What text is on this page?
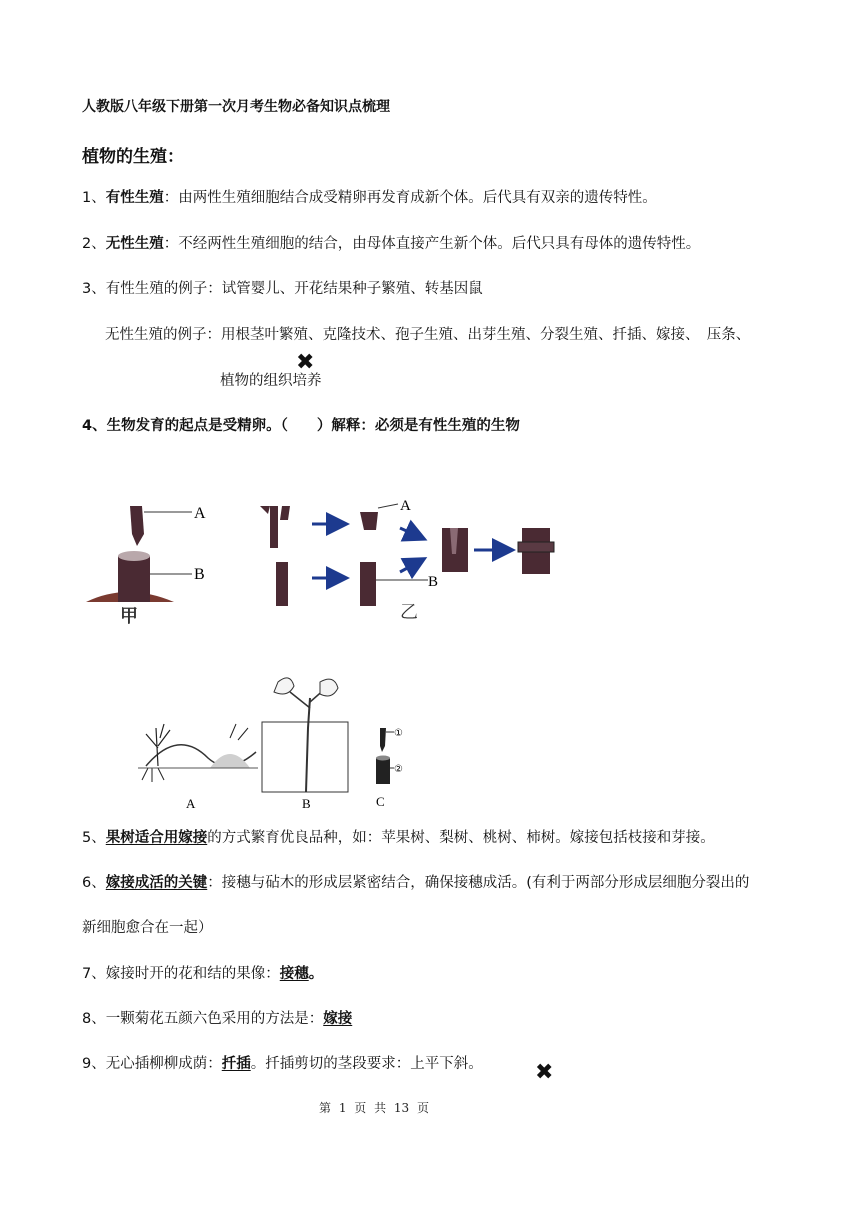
人教版八年级下册第一次月考生物必备知识点梳理
植物的生殖：
1、有性生殖：由两性生殖细胞结合成受精卵再发育成新个体。后代具有双亲的遗传特性。
2、无性生殖：不经两性生殖细胞的结合，由母体直接产生新个体。后代只具有母体的遗传特性。
3、有性生殖的例子：试管婴儿、开花结果种子繁殖、转基因鼠
无性生殖的例子：用根茎叶繁殖、克隆技术、孢子生殖、出芽生殖、分裂生殖、扦插、嫁接、　压条、
植物的组织培养
✖
4、生物发育的起点是受精卵。（　　）解释：必须是有性生殖的生物
A
B
甲
A
B
乙
A	B
①
②
C
5、果树适合用嫁接的方式繁育优良品种，如：苹果树、梨树、桃树、柿树。嫁接包括枝接和芽接。
6、嫁接成活的关键：接穗与砧木的形成层紧密结合，确保接穗成活。(有利于两部分形成层细胞分裂出的
新细胞愈合在一起）
7、嫁接时开的花和结的果像：接穗。
8、一颗菊花五颜六色采用的方法是：嫁接
9、无心插柳柳成荫：扦插。扦插剪切的茎段要求：上平下斜。 ✖
第 1 页 共 13 页
